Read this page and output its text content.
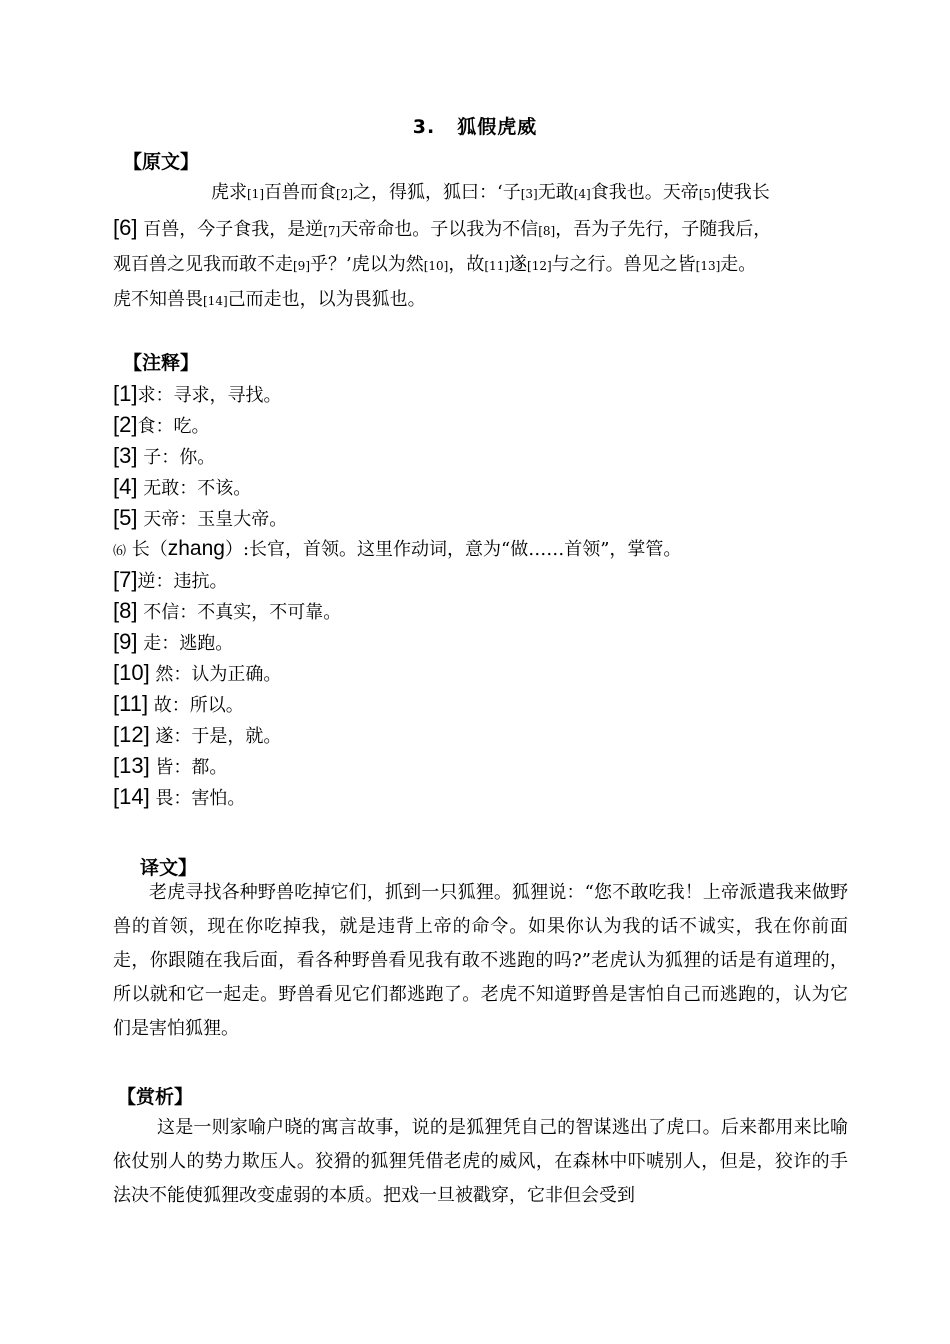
3. 狐假虎威
【原文】
虎求[1]百兽而食[2]之，得狐，狐曰：‘子[3]无敢[4]食我也。天帝[5]使我长
[6] 百兽，今子食我，是逆[7]天帝命也。子以我为不信[8]，吾为子先行，子随我后，
观百兽之见我而敢不走[9]乎？’虎以为然[10]，故[11]遂[12]与之行。兽见之皆[13]走。
虎不知兽畏[14]己而走也，以为畏狐也。
【注释】
[1]求：寻求，寻找。
[2]食：吃。
[3] 子：你。
[4] 无敢：不该。
[5] 天帝：玉皇大帝。
⑹ 长（zhang）:长官，首领。这里作动词，意为“做……首领”，掌管。
[7]逆：违抗。
[8] 不信：不真实，不可靠。
[9] 走：逃跑。
[10] 然：认为正确。
[11] 故：所以。
[12] 遂：于是，就。
[13] 皆：都。
[14] 畏：害怕。
译文】
老虎寻找各种野兽吃掉它们，抓到一只狐狸。狐狸说：“您不敢吃我！上帝派遣我来做野兽的首领，现在你吃掉我，就是违背上帝的命令。如果你认为我的话不诚实，我在你前面走，你跟随在我后面，看各种野兽看见我有敢不逃跑的吗?”老虎认为狐狸的话是有道理的，所以就和它一起走。野兽看见它们都逃跑了。老虎不知道野兽是害怕自己而逃跑的，认为它们是害怕狐狸。
【赏析】
这是一则家喻户晓的寓言故事，说的是狐狸凭自己的智谋逃出了虎口。后来都用来比喻依仗别人的势力欺压人。狡猾的狐狸凭借老虎的威风，在森林中吓唬别人，但是，狡诈的手法决不能使狐狸改变虚弱的本质。把戏一旦被戳穿，它非但会受到
